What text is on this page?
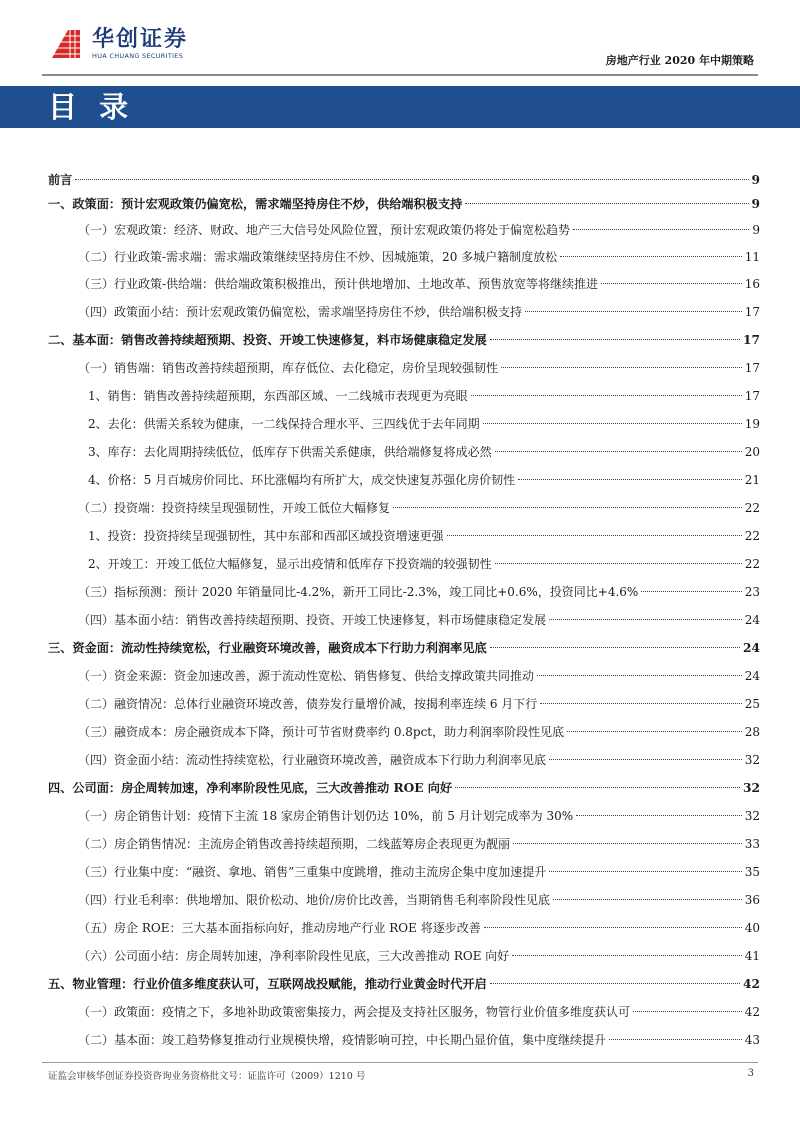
华创证券
HUA CHUANG SECURITIES	房地产行业 2020 年中期策略
目 录
前言	9
一、政策面：预计宏观政策仍偏宽松，需求端坚持房住不炒，供给端积极支持	9
（一）宏观政策：经济、财政、地产三大信号处风险位置，预计宏观政策仍将处于偏宽松趋势	9
（二）行业政策-需求端：需求端政策继续坚持房住不炒、因城施策，20 多城户籍制度放松	11
（三）行业政策-供给端：供给端政策积极推出，预计供地增加、土地改革、预售放宽等将继续推进	16
（四）政策面小结：预计宏观政策仍偏宽松，需求端坚持房住不炒，供给端积极支持	17
二、基本面：销售改善持续超预期、投资、开竣工快速修复，料市场健康稳定发展	17
（一）销售端：销售改善持续超预期，库存低位、去化稳定，房价呈现较强韧性	17
1、销售：销售改善持续超预期，东西部区域、一二线城市表现更为亮眼	17
2、去化：供需关系较为健康，一二线保持合理水平、三四线优于去年同期	19
3、库存：去化周期持续低位，低库存下供需关系健康，供给端修复将成必然	20
4、价格：5 月百城房价同比、环比涨幅均有所扩大，成交快速复苏强化房价韧性	21
（二）投资端：投资持续呈现强韧性，开竣工低位大幅修复	22
1、投资：投资持续呈现强韧性，其中东部和西部区域投资增速更强	22
2、开竣工：开竣工低位大幅修复，显示出疫情和低库存下投资端的较强韧性	22
（三）指标预测：预计 2020 年销量同比-4.2%，新开工同比-2.3%，竣工同比+0.6%，投资同比+4.6%	23
（四）基本面小结：销售改善持续超预期、投资、开竣工快速修复，料市场健康稳定发展	24
三、资金面：流动性持续宽松，行业融资环境改善，融资成本下行助力利润率见底	24
（一）资金来源：资金加速改善，源于流动性宽松、销售修复、供给支撑政策共同推动	24
（二）融资情况：总体行业融资环境改善，债券发行量增价减，按揭利率连续 6 月下行	25
（三）融资成本：房企融资成本下降，预计可节省财费率约 0.8pct，助力利润率阶段性见底	28
（四）资金面小结：流动性持续宽松，行业融资环境改善，融资成本下行助力利润率见底	32
四、公司面：房企周转加速，净利率阶段性见底，三大改善推动 ROE 向好	32
（一）房企销售计划：疫情下主流 18 家房企销售计划仍达 10%，前 5 月计划完成率为 30%	32
（二）房企销售情况：主流房企销售改善持续超预期，二线蓝筹房企表现更为靓丽	33
（三）行业集中度：“融资、拿地、销售”三重集中度跳增，推动主流房企集中度加速提升	35
（四）行业毛利率：供地增加、限价松动、地价/房价比改善，当期销售毛利率阶段性见底	36
（五）房企 ROE：三大基本面指标向好，推动房地产行业 ROE 将逐步改善	40
（六）公司面小结：房企周转加速，净利率阶段性见底，三大改善推动 ROE 向好	41
五、物业管理：行业价值多维度获认可，互联网战投赋能，推动行业黄金时代开启	42
（一）政策面：疫情之下，多地补助政策密集接力，两会提及支持社区服务，物管行业价值多维度获认可	42
（二）基本面：竣工趋势修复推动行业规模快增，疫情影响可控，中长期凸显价值，集中度继续提升	43
证监会审核华创证券投资咨询业务资格批文号：证监许可（2009）1210 号	3
